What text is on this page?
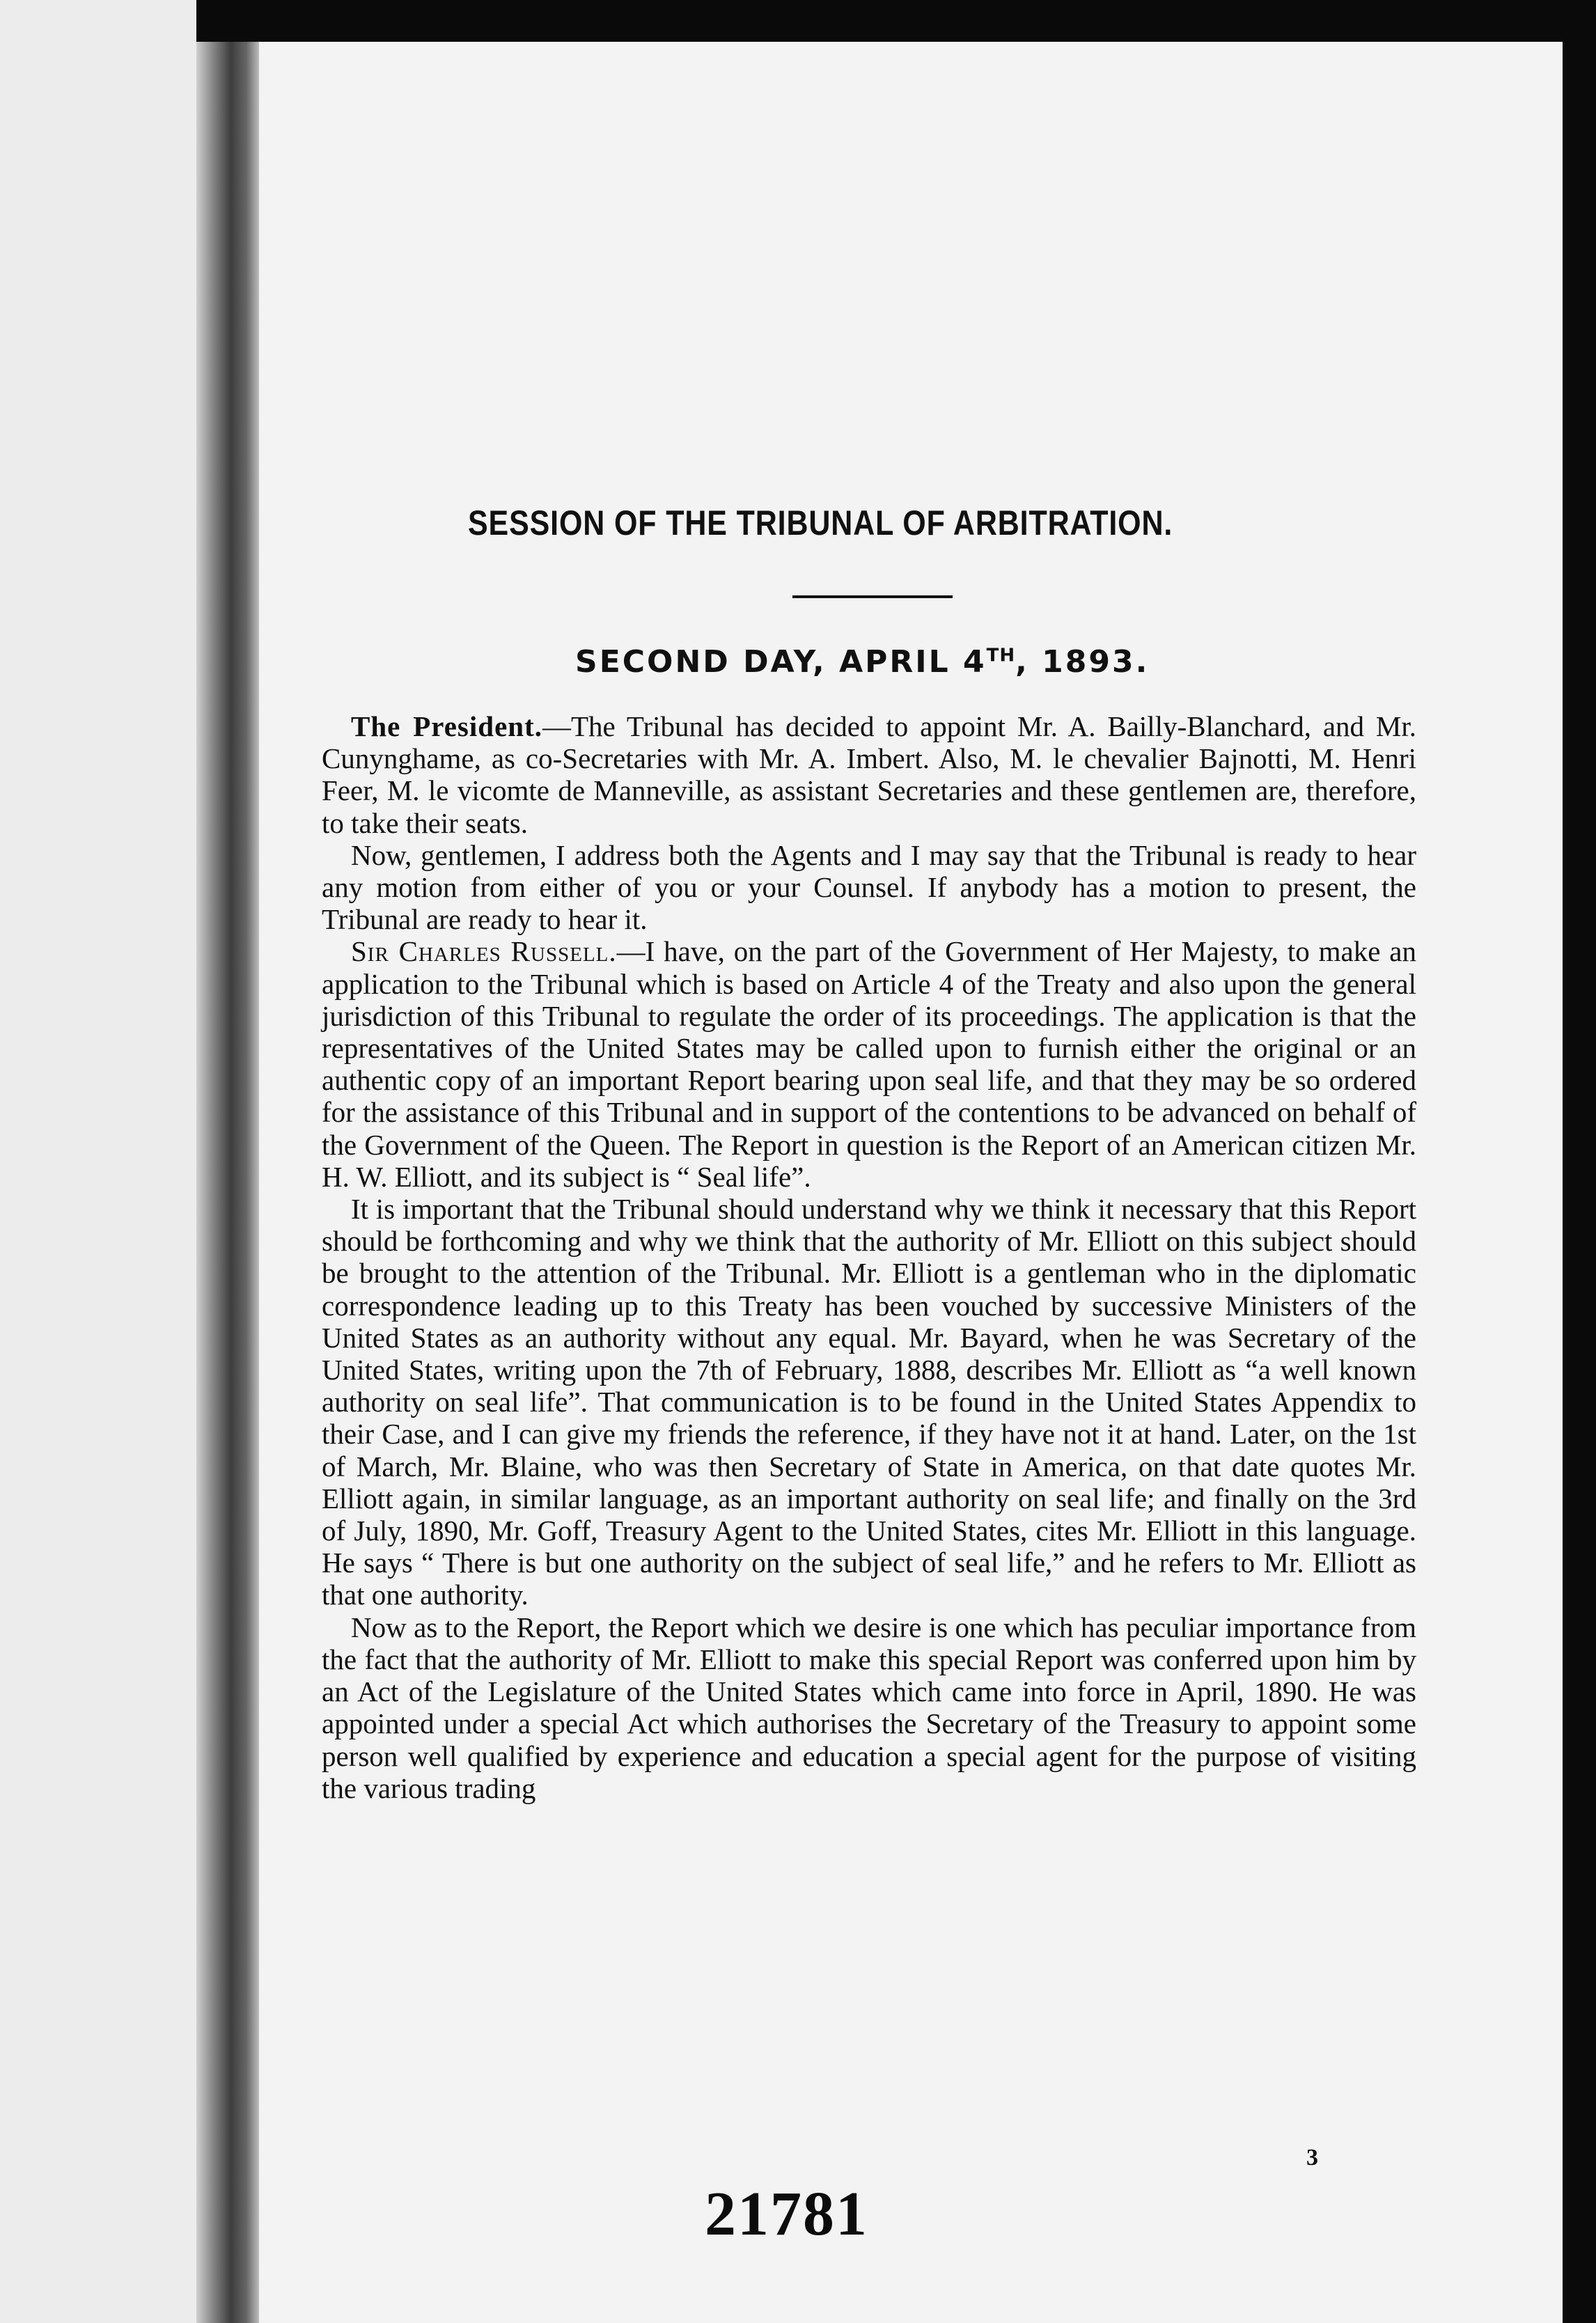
SESSION OF THE TRIBUNAL OF ARBITRATION.
SECOND DAY, APRIL 4TH, 1893.

The President.—The Tribunal has decided to appoint Mr. A. Bailly-Blanchard, and Mr. Cunynghame, as co-Secretaries with Mr. A. Imbert. Also, M. le chevalier Bajnotti, M. Henri Feer, M. le vicomte de Manneville, as assistant Secretaries and these gentlemen are, therefore, to take their seats.

Now, gentlemen, I address both the Agents and I may say that the Tribunal is ready to hear any motion from either of you or your Counsel. If anybody has a motion to present, the Tribunal are ready to hear it.

Sir Charles Russell.—I have, on the part of the Government of Her Majesty, to make an application to the Tribunal which is based on Article 4 of the Treaty and also upon the general jurisdiction of this Tribunal to regulate the order of its proceedings. The application is that the representatives of the United States may be called upon to furnish either the original or an authentic copy of an important Report bearing upon seal life, and that they may be so ordered for the assistance of this Tribunal and in support of the contentions to be advanced on behalf of the Government of the Queen. The Report in question is the Report of an American citizen Mr. H. W. Elliott, and its subject is “ Seal life”.

It is important that the Tribunal should understand why we think it necessary that this Report should be forthcoming and why we think that the authority of Mr. Elliott on this subject should be brought to the attention of the Tribunal. Mr. Elliott is a gentleman who in the diplomatic correspondence leading up to this Treaty has been vouched by successive Ministers of the United States as an authority without any equal. Mr. Bayard, when he was Secretary of the United States, writing upon the 7th of February, 1888, describes Mr. Elliott as “a well known authority on seal life”. That communication is to be found in the United States Appendix to their Case, and I can give my friends the reference, if they have not it at hand. Later, on the 1st of March, Mr. Blaine, who was then Secretary of State in America, on that date quotes Mr. Elliott again, in similar language, as an important authority on seal life; and finally on the 3rd of July, 1890, Mr. Goff, Treasury Agent to the United States, cites Mr. Elliott in this language. He says “ There is but one authority on the subject of seal life,” and he refers to Mr. Elliott as that one authority.

Now as to the Report, the Report which we desire is one which has peculiar importance from the fact that the authority of Mr. Elliott to make this special Report was conferred upon him by an Act of the Legislature of the United States which came into force in April, 1890. He was appointed under a special Act which authorises the Secretary of the Treasury to appoint some person well qualified by experience and education a special agent for the purpose of visiting the various trading

3
21781
